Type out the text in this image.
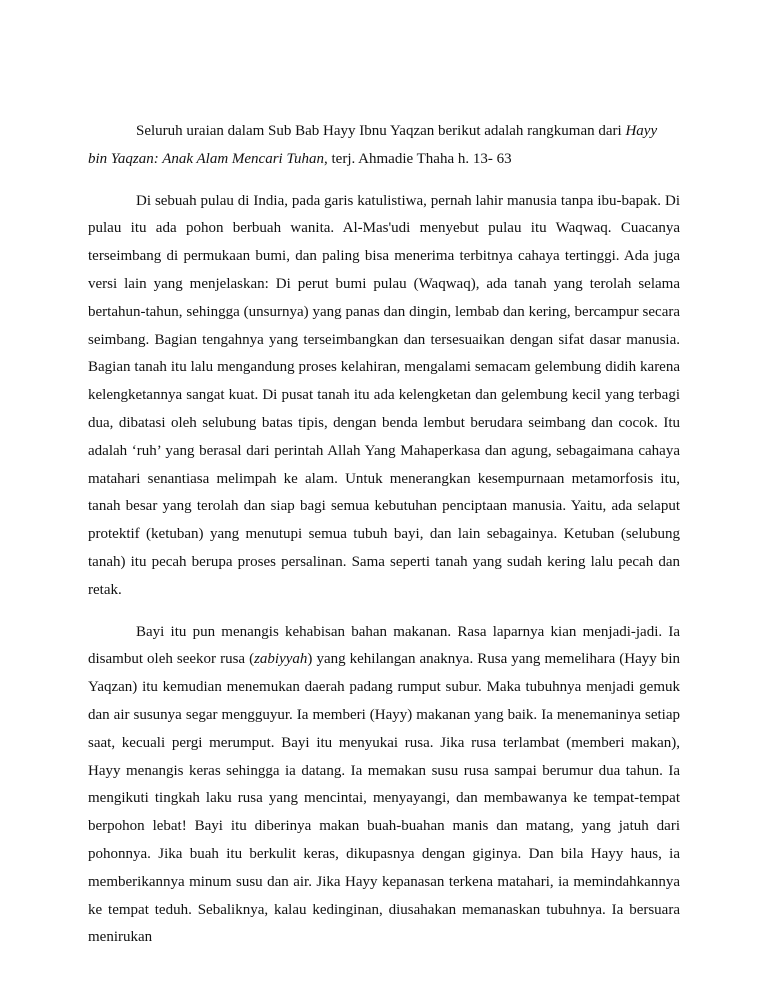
Seluruh uraian dalam Sub Bab Hayy Ibnu Yaqzan berikut adalah rangkuman dari Hayy bin Yaqzan: Anak Alam Mencari Tuhan, terj. Ahmadie Thaha h. 13- 63

Di sebuah pulau di India, pada garis katulistiwa, pernah lahir manusia tanpa ibu-bapak. Di pulau itu ada pohon berbuah wanita. Al-Mas'udi menyebut pulau itu Waqwaq. Cuacanya terseimbang di permukaan bumi, dan paling bisa menerima terbitnya cahaya tertinggi. Ada juga versi lain yang menjelaskan: Di perut bumi pulau (Waqwaq), ada tanah yang terolah selama bertahun-tahun, sehingga (unsurnya) yang panas dan dingin, lembab dan kering, bercampur secara seimbang. Bagian tengahnya yang terseimbangkan dan tersesuaikan dengan sifat dasar manusia. Bagian tanah itu lalu mengandung proses kelahiran, mengalami semacam gelembung didih karena kelengketannya sangat kuat. Di pusat tanah itu ada kelengketan dan gelembung kecil yang terbagi dua, dibatasi oleh selubung batas tipis, dengan benda lembut berudara seimbang dan cocok. Itu adalah ‘ruh’ yang berasal dari perintah Allah Yang Mahaperkasa dan agung, sebagaimana cahaya matahari senantiasa melimpah ke alam. Untuk menerangkan kesempurnaan metamorfosis itu, tanah besar yang terolah dan siap bagi semua kebutuhan penciptaan manusia. Yaitu, ada selaput protektif (ketuban) yang menutupi semua tubuh bayi, dan lain sebagainya. Ketuban (selubung tanah) itu pecah berupa proses persalinan. Sama seperti tanah yang sudah kering lalu pecah dan retak.

Bayi itu pun menangis kehabisan bahan makanan. Rasa laparnya kian menjadi-jadi. Ia disambut oleh seekor rusa (zabiyyah) yang kehilangan anaknya. Rusa yang memelihara (Hayy bin Yaqzan) itu kemudian menemukan daerah padang rumput subur. Maka tubuhnya menjadi gemuk dan air susunya segar mengguyur. Ia memberi (Hayy) makanan yang baik. Ia menemaninya setiap saat, kecuali pergi merumput. Bayi itu menyukai rusa. Jika rusa terlambat (memberi makan), Hayy menangis keras sehingga ia datang. Ia memakan susu rusa sampai berumur dua tahun. Ia mengikuti tingkah laku rusa yang mencintai, menyayangi, dan membawanya ke tempat-tempat berpohon lebat! Bayi itu diberinya makan buah-buahan manis dan matang, yang jatuh dari pohonnya. Jika buah itu berkulit keras, dikupasnya dengan giginya. Dan bila Hayy haus, ia memberikannya minum susu dan air. Jika Hayy kepanasan terkena matahari, ia memindahkannya ke tempat teduh. Sebaliknya, kalau kedinginan, diusahakan memanaskan tubuhnya. Ia bersuara menirukan
